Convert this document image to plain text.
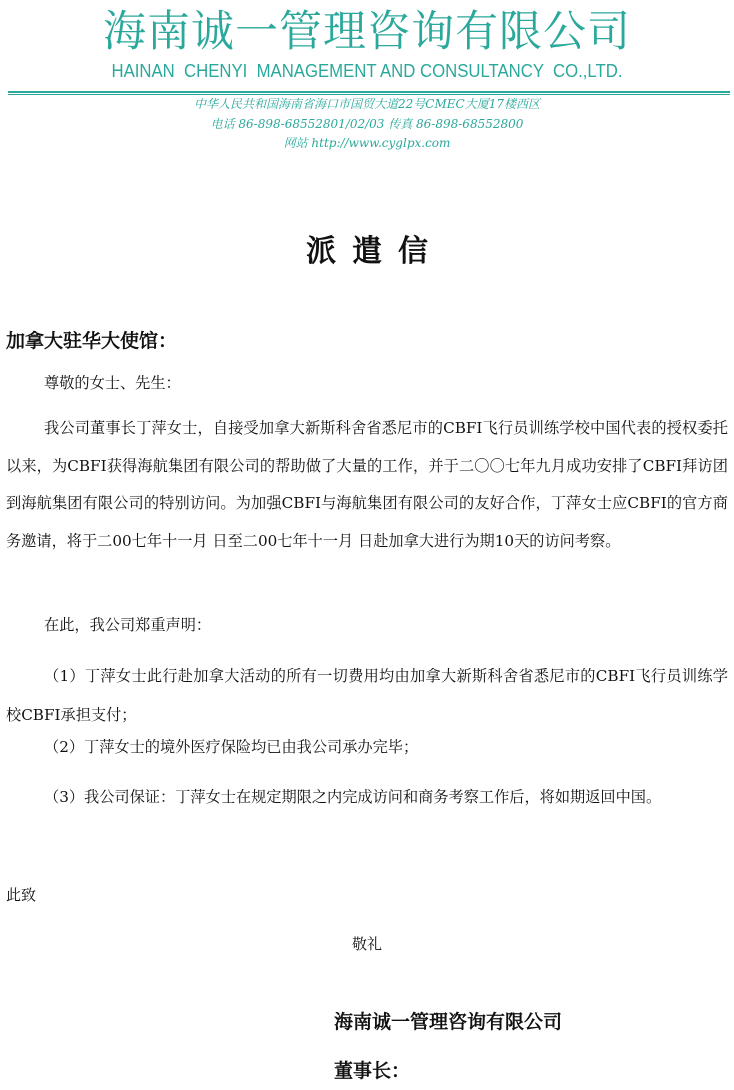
海南诚一管理咨询有限公司
HAINAN  CHENYI  MANAGEMENT AND CONSULTANCY  CO.,LTD.
中华人民共和国海南省海口市国贸大道22号CMEC大厦17楼西区
电话 86-898-68552801/02/03 传真 86-898-68552800
网站 http://www.cyglpx.com
派遣信
加拿大驻华大使馆：
尊敬的女士、先生：
我公司董事长丁萍女士，自接受加拿大新斯科舍省悉尼市的CBFI飞行员训练学校中国代表的授权委托以来，为CBFI获得海航集团有限公司的帮助做了大量的工作，并于二〇〇七年九月成功安排了CBFI拜访团到海航集团有限公司的特别访问。为加强CBFI与海航集团有限公司的友好合作，丁萍女士应CBFI的官方商务邀请，将于二00七年十一月 日至二00七年十一月 日赴加拿大进行为期10天的访问考察。
在此，我公司郑重声明：
（1）丁萍女士此行赴加拿大活动的所有一切费用均由加拿大新斯科舍省悉尼市的CBFI飞行员训练学校CBFI承担支付；
（2）丁萍女士的境外医疗保险均已由我公司承办完毕；
（3）我公司保证：丁萍女士在规定期限之内完成访问和商务考察工作后，将如期返回中国。
此致
敬礼
海南诚一管理咨询有限公司
董事长：
